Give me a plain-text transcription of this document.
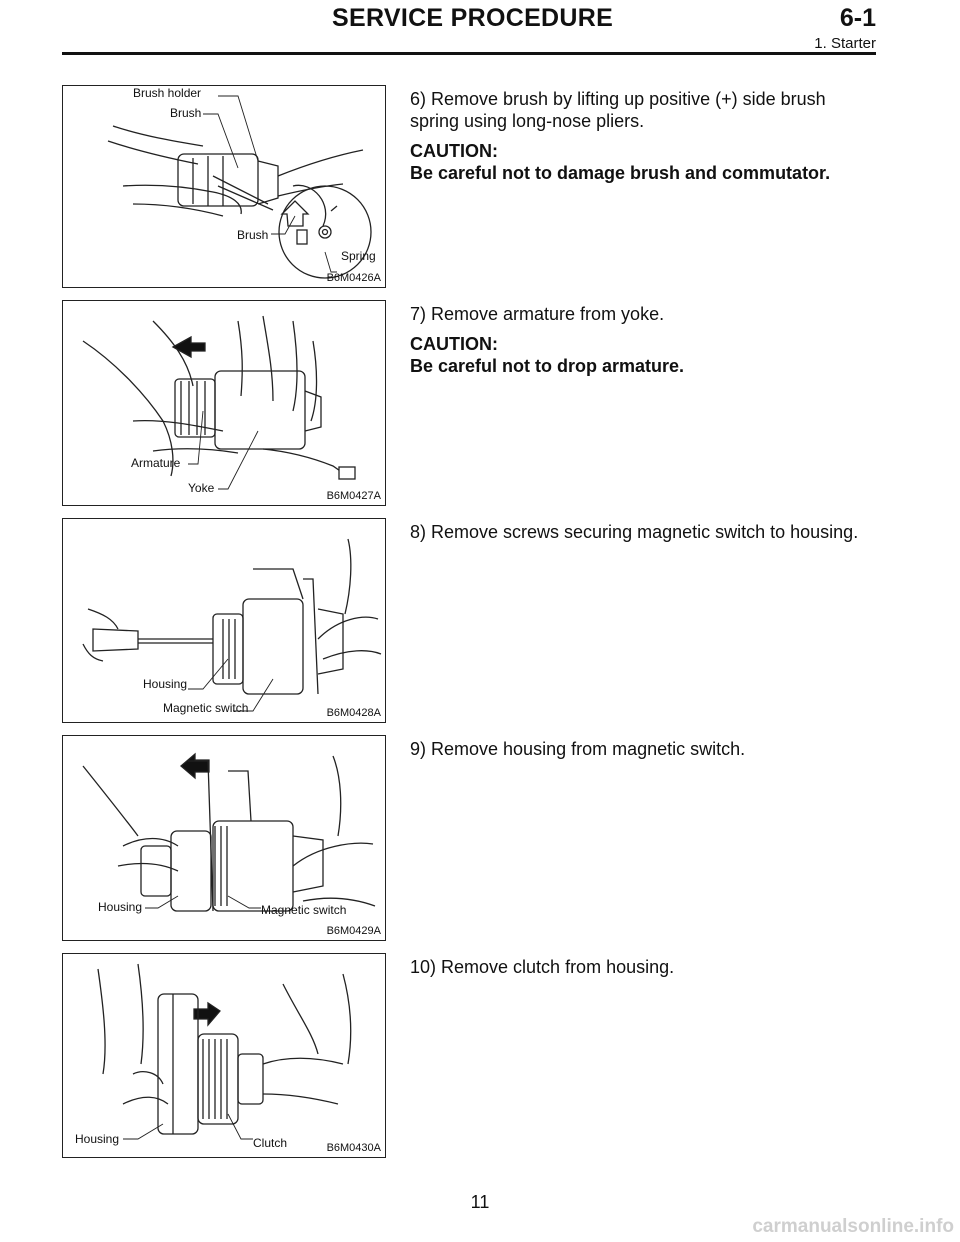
SERVICE PROCEDURE	6-1
1. Starter
Brush holder
Brush
Brush
Spring
B6M0426A

6) Remove brush by lifting up positive (+) side brush spring using long-nose pliers.

CAUTION:

Be careful not to damage brush and commutator.

Armature
Yoke
B6M0427A

7) Remove armature from yoke.

CAUTION:

Be careful not to drop armature.

Housing
Magnetic switch	B6M0428A

8) Remove screws securing magnetic switch to housing.

Housing	Magnetic switch
B6M0429A

9) Remove housing from magnetic switch.

Housing	Clutch	B6M0430A

10) Remove clutch from housing.

11
carmanualsonline.info
